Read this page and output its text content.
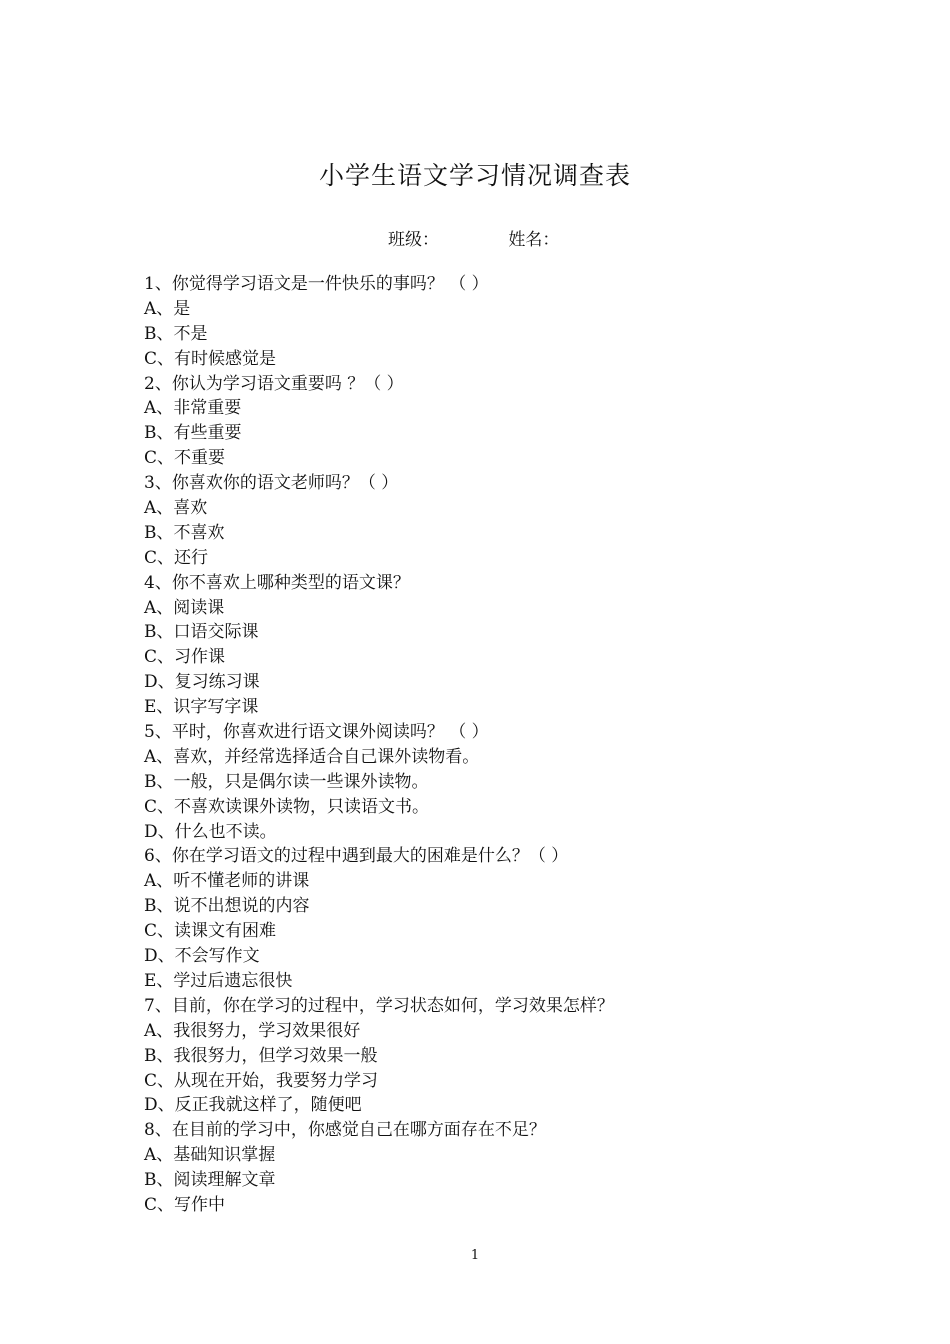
小学生语文学习情况调查表
班级：	姓名：
1、你觉得学习语文是一件快乐的事吗？ （ ）
A、是
B、不是
C、有时候感觉是
2、你认为学习语文重要吗 ？（ ）
A、非常重要
B、有些重要
C、不重要
3、你喜欢你的语文老师吗？（ ）
A、喜欢
B、不喜欢
C、还行
4、你不喜欢上哪种类型的语文课？
A、阅读课
B、口语交际课
C、习作课
D、复习练习课
E、识字写字课
5、平时，你喜欢进行语文课外阅读吗？ （ ）
A、喜欢，并经常选择适合自己课外读物看。
B、一般，只是偶尔读一些课外读物。
C、不喜欢读课外读物，只读语文书。
D、什么也不读。
6、你在学习语文的过程中遇到最大的困难是什么？（ ）
A、听不懂老师的讲课
B、说不出想说的内容
C、读课文有困难
D、不会写作文
E、学过后遗忘很快
7、目前，你在学习的过程中，学习状态如何，学习效果怎样？
A、我很努力，学习效果很好
B、我很努力，但学习效果一般
C、从现在开始，我要努力学习
D、反正我就这样了，随便吧
8、在目前的学习中，你感觉自己在哪方面存在不足？
A、基础知识掌握
B、阅读理解文章
C、写作中
1
